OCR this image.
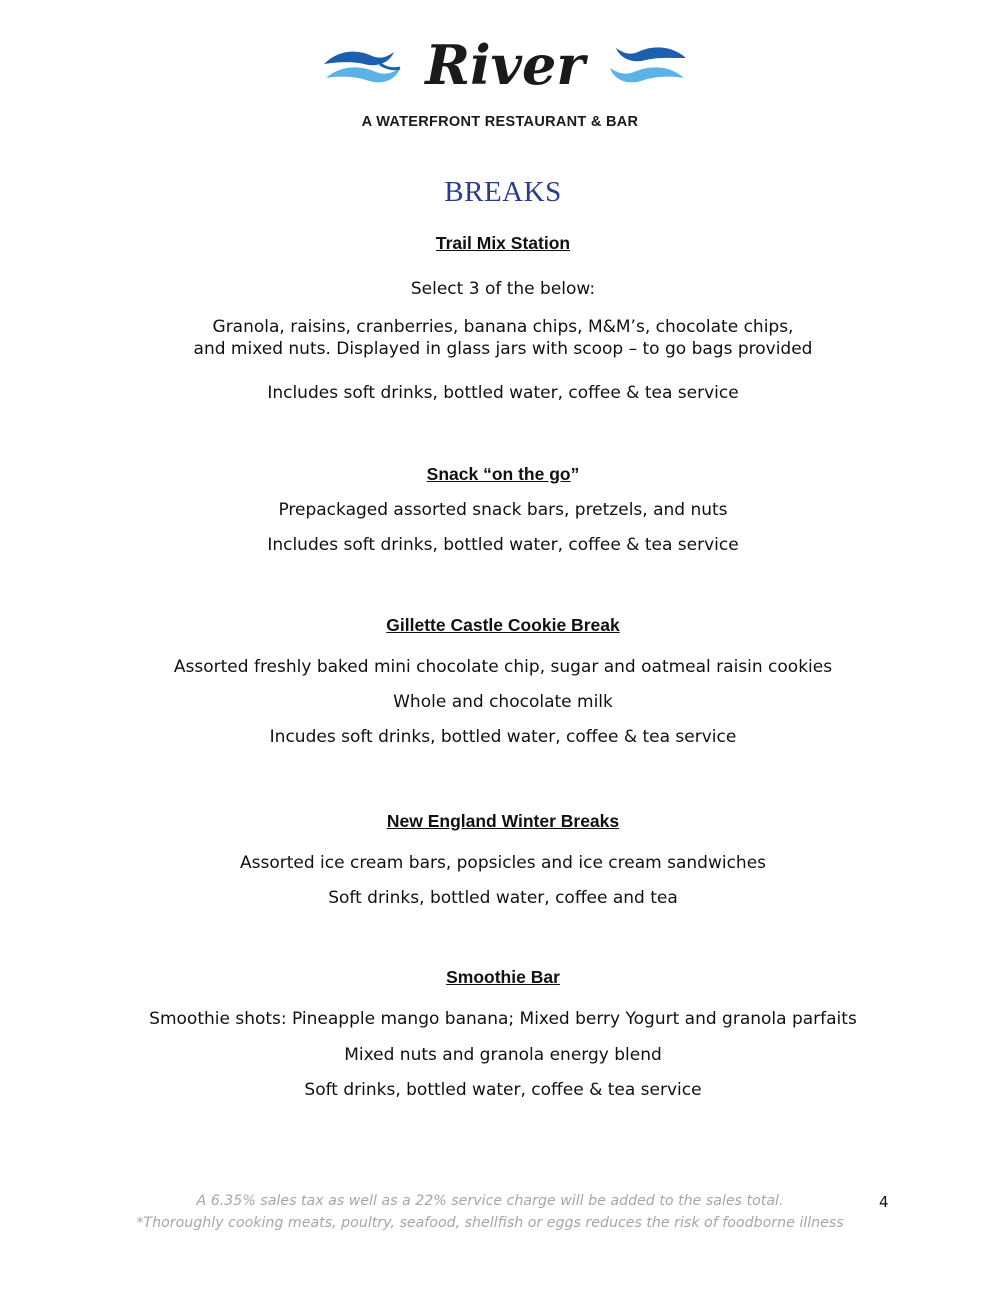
River
A WATERFRONT RESTAURANT & BAR
BREAKS
Trail Mix Station
Select 3 of the below:
Granola, raisins, cranberries, banana chips, M&M’s, chocolate chips,
and mixed nuts. Displayed in glass jars with scoop – to go bags provided
Includes soft drinks, bottled water, coffee & tea service
Snack “on the go”
Prepackaged assorted snack bars, pretzels, and nuts
Includes soft drinks, bottled water, coffee & tea service
Gillette Castle Cookie Break
Assorted freshly baked mini chocolate chip, sugar and oatmeal raisin cookies
Whole and chocolate milk
Incudes soft drinks, bottled water, coffee & tea service
New England Winter Breaks
Assorted ice cream bars, popsicles and ice cream sandwiches
Soft drinks, bottled water, coffee and tea
Smoothie Bar
Smoothie shots: Pineapple mango banana; Mixed berry Yogurt and granola parfaits
Mixed nuts and granola energy blend
Soft drinks, bottled water, coffee & tea service
A 6.35% sales tax as well as a 22% service charge will be added to the sales total.
*Thoroughly cooking meats, poultry, seafood, shellfish or eggs reduces the risk of foodborne illness
4
